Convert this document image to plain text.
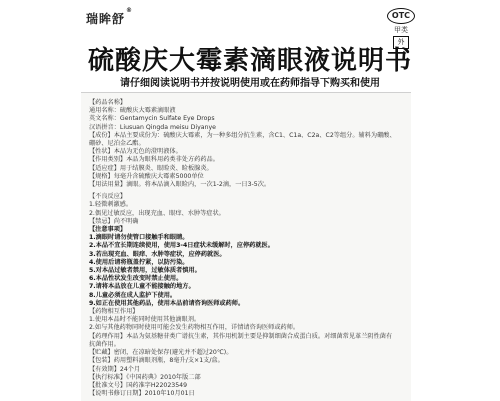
瑞眸舒®
OTC
甲类
外
硫酸庆大霉素滴眼液说明书
请仔细阅读说明书并按说明使用或在药师指导下购买和使用
【药品名称】
通用名称：硫酸庆大霉素滴眼液
英文名称：Gentamycin Sulfate Eye Drops
汉语拼音：Liusuan Qingda meisu Diyanye
【成份】本品主要成份为：硫酸庆大霉素，为一种多组分抗生素，含C1、C1a、C2a、C2等组分。辅料为硼酸、
硼砂、尼泊金乙酯。
【性状】本品为无色的澄明液体。
【作用类别】本品为眼科用药类非处方药药品。
【适应症】用于结膜炎、眼睑炎、睑板腺炎。
【规格】每毫升含硫酸庆大霉素5000单位
【用法用量】滴眼。将本品滴入眼睑内，一次1-2滴，一日3-5次。
【不良反应】
1.轻微刺激感。
2.偶见过敏反应，出现充血、眼痒、水肿等症状。
【禁忌】尚不明确
【注意事项】
1.滴眼时请勿使管口接触手和眼睛。
2.本品不宜长期连续使用，使用3-4日症状未缓解时，应停药就医。
3.若出现充血、眼痒、水肿等症状，应停药就医。
4.使用后请将瓶盖拧紧，以防污染。
5.对本品过敏者禁用，过敏体质者慎用。
6.本品性状发生改变时禁止使用。
7.请将本品放在儿童不能接触的地方。
8.儿童必须在成人监护下使用。
9.如正在使用其他药品，使用本品前请咨询医师或药师。
【药物相互作用】
1.使用本品时不能同时使用其他滴眼剂。
2.如与其他药物同时使用可能会发生药物相互作用，详情请咨询医师或药师。
【药理作用】本品为氨基糖苷类广谱抗生素，其作用机制主要是抑制细菌合成蛋白质。对细菌常见革兰阴性菌有
抗菌作用。
【贮藏】密闭，在凉暗处保存(避光并不超过20℃)。
【包装】药用塑料滴眼剂瓶，8毫升/支×1支/盒。
【有效期】24个月
【执行标准】《中国药典》2010年版二部
【批准文号】国药准字H22023549
【说明书修订日期】2010年10月01日
